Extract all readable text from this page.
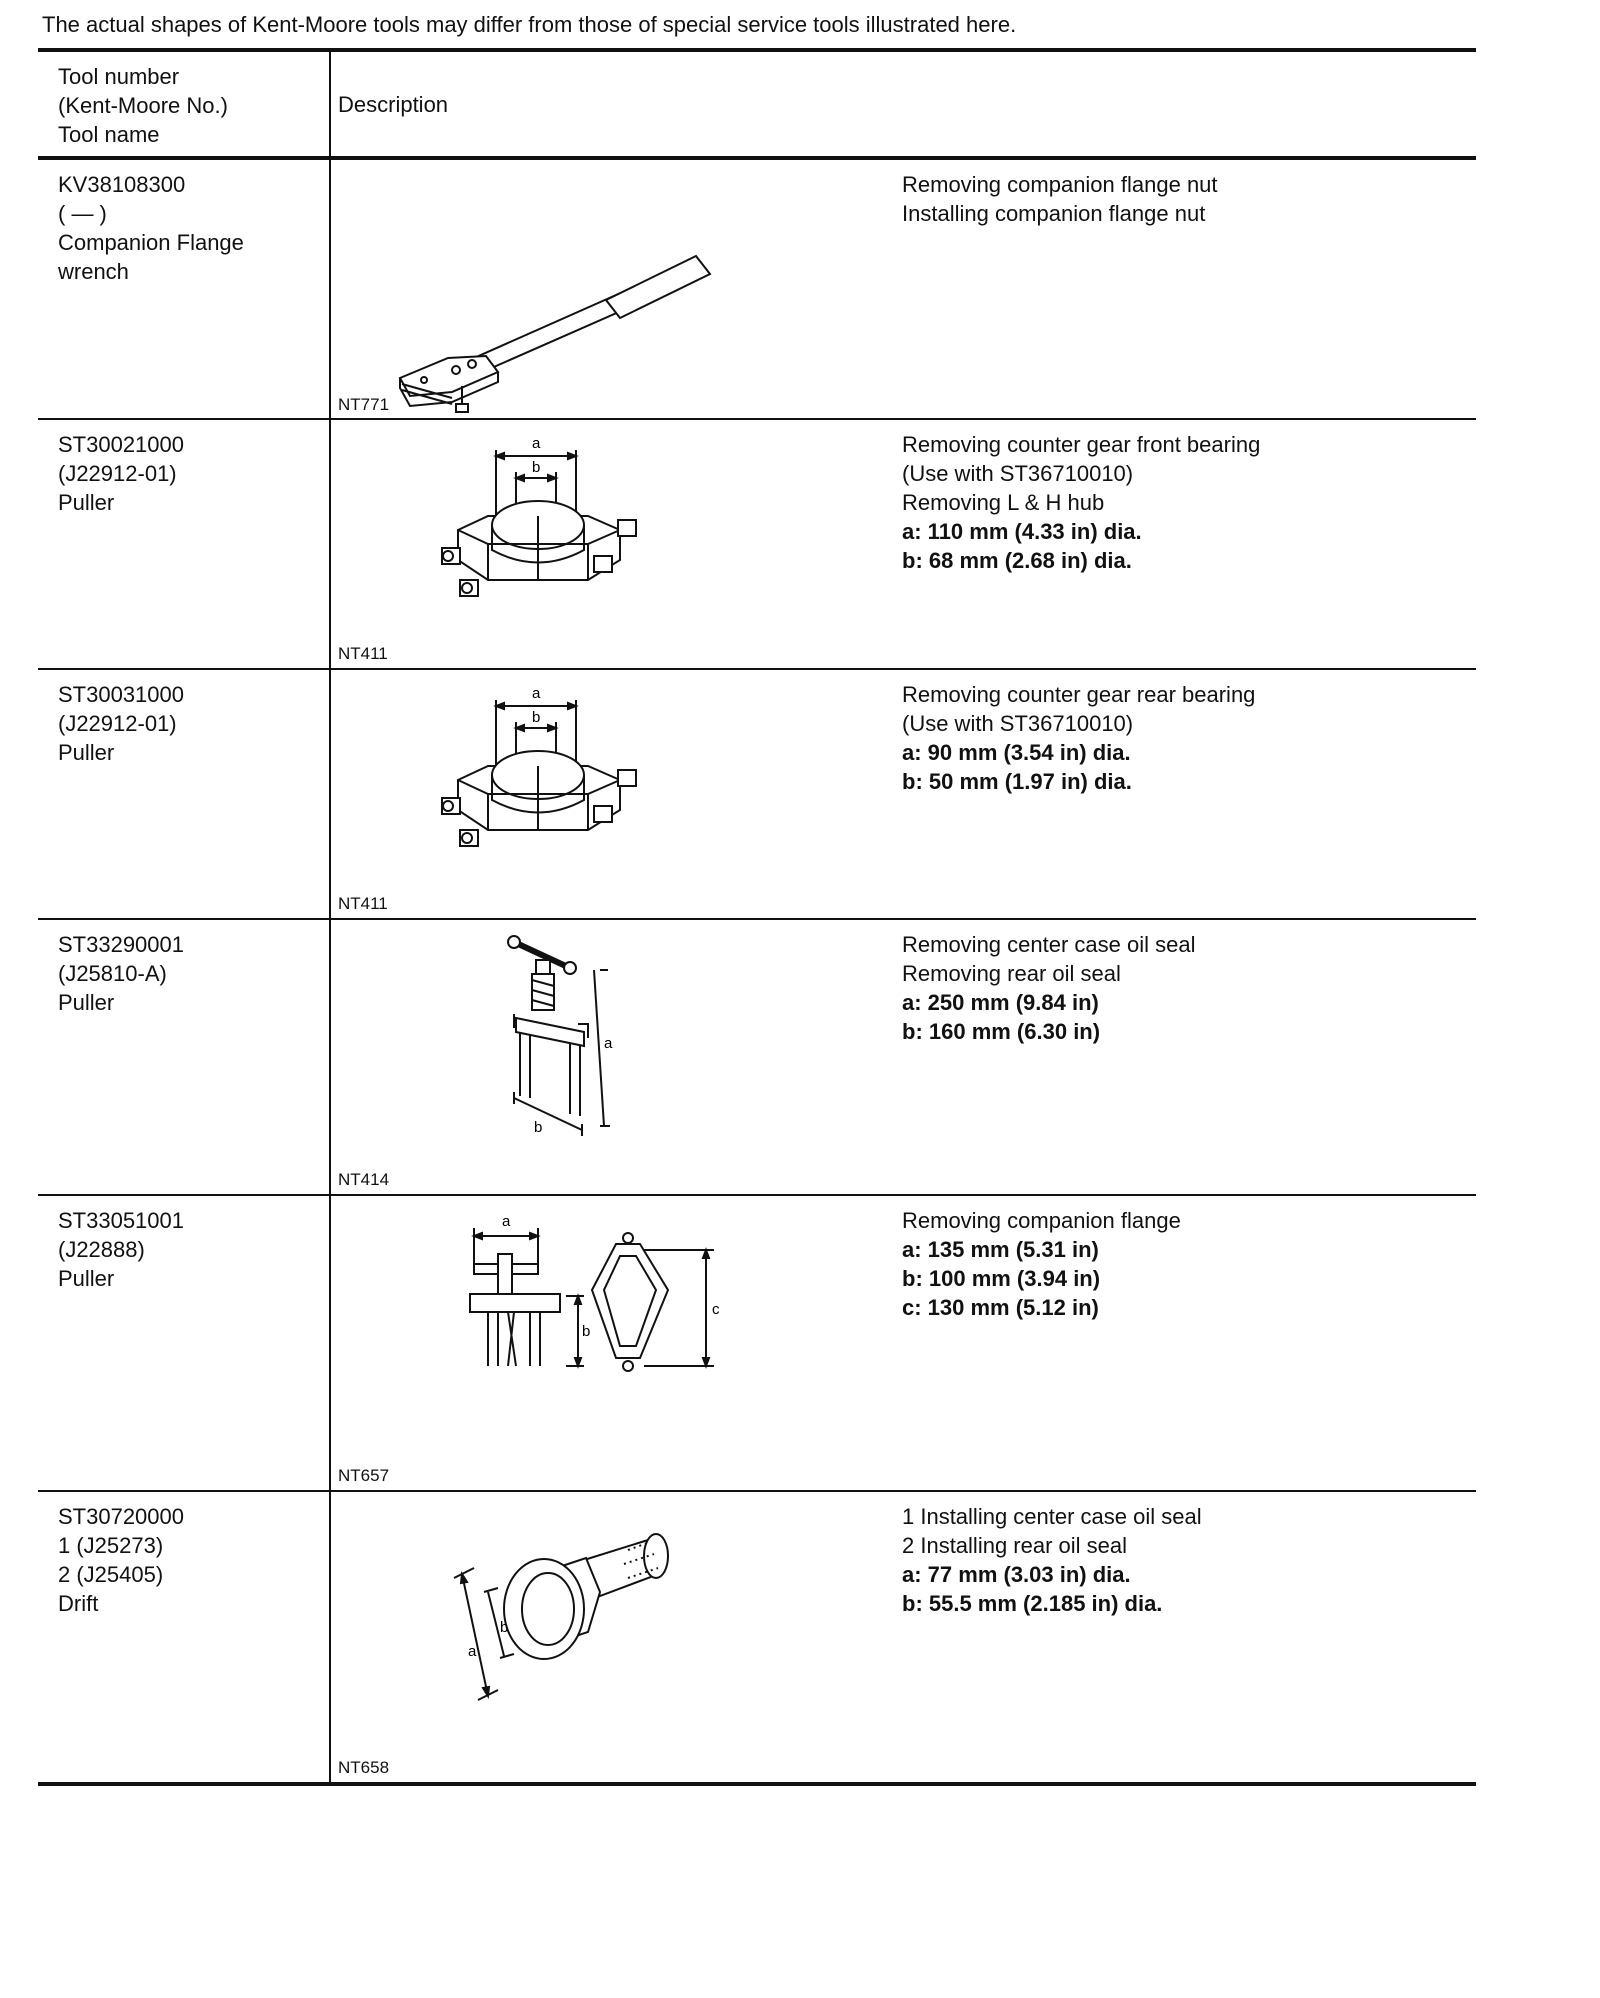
The actual shapes of Kent-Moore tools may differ from those of special service tools illustrated here.
Tool number
(Kent-Moore No.)
Tool name
Description
KV38108300
( — )
Companion Flange
wrench
NT771
Removing companion flange nut
Installing companion flange nut
ST30021000
(J22912-01)
Puller
a
b
NT411
Removing counter gear front bearing
(Use with ST36710010)
Removing L & H hub
a: 110 mm (4.33 in) dia.
b: 68 mm (2.68 in) dia.
ST30031000
(J22912-01)
Puller
a
b
NT411
Removing counter gear rear bearing
(Use with ST36710010)
a: 90 mm (3.54 in) dia.
b: 50 mm (1.97 in) dia.
ST33290001
(J25810-A)
Puller
a
b
NT414
Removing center case oil seal
Removing rear oil seal
a: 250 mm (9.84 in)
b: 160 mm (6.30 in)
ST33051001
(J22888)
Puller
a
b
c
NT657
Removing companion flange
a: 135 mm (5.31 in)
b: 100 mm (3.94 in)
c: 130 mm (5.12 in)
ST30720000
1 (J25273)
2 (J25405)
Drift
a
b
NT658
1 Installing center case oil seal
2 Installing rear oil seal
a: 77 mm (3.03 in) dia.
b: 55.5 mm (2.185 in) dia.
